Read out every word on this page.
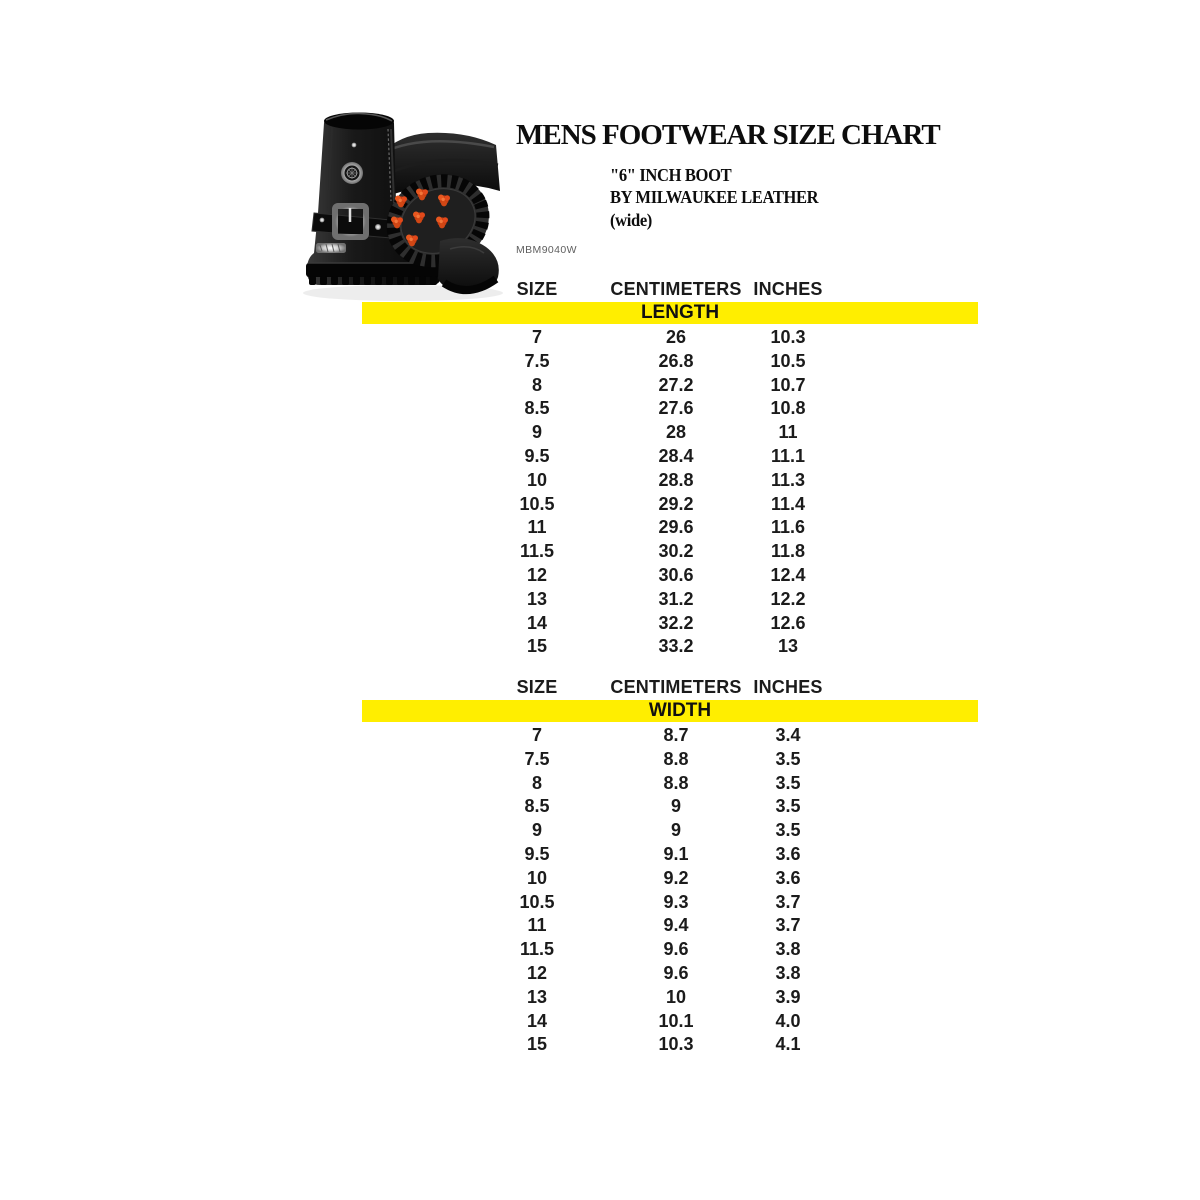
MENS FOOTWEAR SIZE CHART
"6" INCH BOOT
BY MILWAUKEE LEATHER
(wide)
MBM9040W
SIZE	CENTIMETERS INCHES
LENGTH
7	26	10.3
7.5	26.8	10.5
8	27.2	10.7
8.5	27.6	10.8
9	28	11
9.5	28.4	11.1
10	28.8	11.3
10.5	29.2	11.4
11	29.6	11.6
11.5	30.2	11.8
12	30.6	12.4
13	31.2	12.2
14	32.2	12.6
15	33.2	13
SIZE	CENTIMETERS INCHES
WIDTH
7	8.7	3.4
7.5	8.8	3.5
8	8.8	3.5
8.5	9	3.5
9	9	3.5
9.5	9.1	3.6
10	9.2	3.6
10.5	9.3	3.7
11	9.4	3.7
11.5	9.6	3.8
12	9.6	3.8
13	10	3.9
14	10.1	4.0
15	10.3	4.1
